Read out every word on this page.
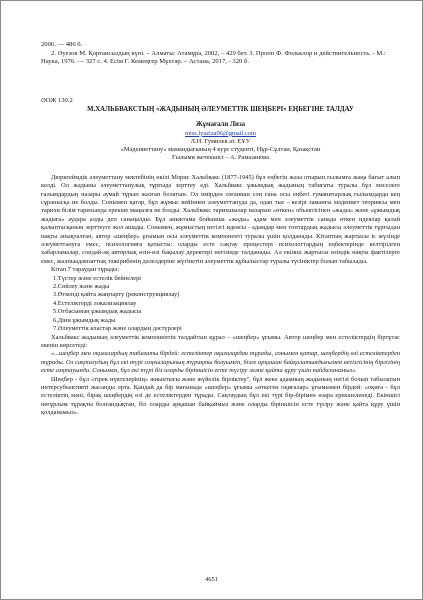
2006. — 486 б.

2. Әуезов М. Қорғансыздың күні. – Алматы: Атамұра, 2002, – 429 бет. 3. Пропп Ф. Фольклор и действительность. - М.: Наука, 1976. — 327 с. 4. Есім Г. Кемеңгер Мұхтар. – Астана, 2017, - 320 б.

ӘОЖ 130.2

М.ХАЛЬБВАКСТЫҢ «ЖАДЫНЫҢ ӘЛЕУМЕТТІК ШЕҢБЕРІ» ЕҢБЕГІНЕ ТАЛДАУ

Жұмағали Лиза

miss.lyaziza06@gmail.com

Л.Н. Гумилев ат. ЕҰУ

«Мәдениеттану» мамандығының 4 курс студенті, Нұр-Сұлтан, Қазақстан

Ғылыми жетекшісі – А. Рамазанова

Дюркгеймдік әлеуметтану мектебінің өкілі Морис Хальбвакс (1877-1945) бұл еңбегін жаза отырып ғылымға жаңа бағыт алып келді. Ол жадыны әлеуметтанулық тұрғыда зерттеу еді. Хальбвакс ұжымдық жадының табиғаты туралы бұл мәселеге ғалымдардың назары аумай тұрып жазған болатын. Ол өмірден озғаннан соң ғана осы еңбегі гуманитарлық ғылымдарда кең сұранысқа ие болды. Сонымен қатар, бұл жұмыс кейіннен әлеуметтануда да, одан тыс - кезірі заманғы мәдениет теориясы мен тарихи білім тарихында ерекше маңызға ие болды. Хальбвакс тарихшылар назарын «өткен» объектісінен «жады» және «ұжымдық жадыға» аудара алды деп санаңалды. Бұл аныктама бойынша «жады» адам мен әлеуметтік санада өткен идеялар қалай қалыптасқанын зерттеуге жол ашады. Сонымен, жұмыстың негізгі идеясы - адамдар мен топтардың жадысы әлеуметтік тұрғыдан нақты анықталған, автор «шеңбер» ұғымын осы әлеуметтік компоненті туралы үшін қолданады. Кітаптың жартысы іс жүзінде әлеуметтануға емес, психологияға қатысты: оларды есте сақтау процестері психологтардың еңбектерінде келтірілген хабарламалар, сондай-ақ авторлық өзін-өзі бақылау деректері негізінде талданады. Ал екінші жартысы өзіндік нақты фактілерге емес, жалпыадамзаттық тәжірибенің дәлелдеріне жүгінетін әлеуметтік құбылыстар туралы түсініктер болып табылады.

Кітап 7 тараудан тұрады:

1.Түстер және естелік бейнелері
2.Сөйлеу және жады
3.Өткенді қайта жаңғырту (реконструкциялау)
4.Естеліктерді локализациялау
5.Отбасының ұжымдық жадысы
6.Діни ұжымдық жады
7.Әлеуметтік кластар және олардың дәстүрлері

Хальбвакс жадының әлеуметтік компонентін талдайтын құрал – «шеңбер» ұғымы. Автор шеңбер мен естеліктердің біртұтас екенін көрсетеді:

«...шеңбер мен оқиғалардың табиғаты бірдей: естеліктер оқиғалардан тұрады, сонымен қатар, шеңбердің өзі естеліктерден тұрады. Ол сақталудың бұл екі түрі соңғыларының түрақты болуымен, бізге арқашан байқалатындығымен негізгісінің бірлігінің есте сақтауында. Сонымен, бұл екі түрі біз оларды біріншісін есте түсіру және қайта құру үшін пайдаланамыз».

Шеңбер - бұл «тірек нүктелерінің» жиынтығы және жүйелік бірліктер", бұл жеке адамның жадының негізі болып табылатын интерсубъективті жасанды орта. Қандай да бір мағынада «шеңбер» ұғымы «өткеген оқиғалар» ұғымымен бірдей: «оқиға - бұл естеліктің мәні, бірақ шеңбердің өзі де естеліктерден тұрады. Сақтаудың бұл екі түрі бір-бірімен өзара ерекшеленеді. Екіншісі неғұрлым тұрақты болғандықтан, біз оларды арқашан байқаймыз және оларды біріншісін есте түсіру және қайта құру үшін қолданамыз».

4651
